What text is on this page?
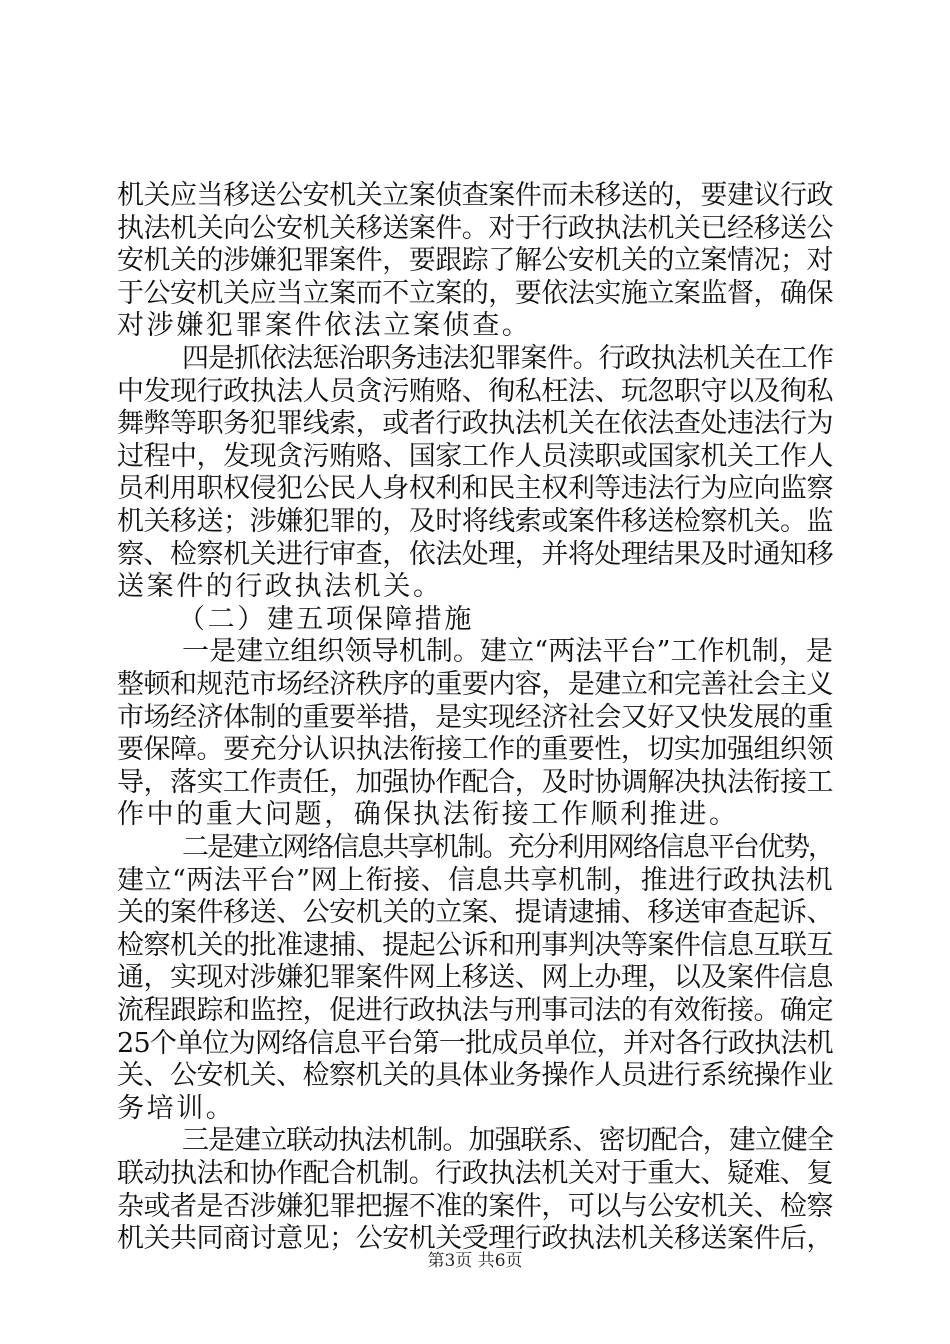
机关应当移送公安机关立案侦查案件而未移送的，要建议行政

执法机关向公安机关移送案件。对于行政执法机关已经移送公

安机关的涉嫌犯罪案件，要跟踪了解公安机关的立案情况；对

于公安机关应当立案而不立案的，要依法实施立案监督，确保

对涉嫌犯罪案件依法立案侦查。

四是抓依法惩治职务违法犯罪案件。行政执法机关在工作

中发现行政执法人员贪污贿赂、徇私枉法、玩忽职守以及徇私

舞弊等职务犯罪线索，或者行政执法机关在依法查处违法行为

过程中，发现贪污贿赂、国家工作人员渎职或国家机关工作人

员利用职权侵犯公民人身权利和民主权利等违法行为应向监察

机关移送；涉嫌犯罪的，及时将线索或案件移送检察机关。监

察、检察机关进行审查，依法处理，并将处理结果及时通知移

送案件的行政执法机关。

（二）建五项保障措施

一是建立组织领导机制。建立“两法平台”工作机制，是

整顿和规范市场经济秩序的重要内容，是建立和完善社会主义

市场经济体制的重要举措，是实现经济社会又好又快发展的重

要保障。要充分认识执法衔接工作的重要性，切实加强组织领

导，落实工作责任，加强协作配合，及时协调解决执法衔接工

作中的重大问题，确保执法衔接工作顺利推进。

二是建立网络信息共享机制。充分利用网络信息平台优势，

建立“两法平台”网上衔接、信息共享机制，推进行政执法机

关的案件移送、公安机关的立案、提请逮捕、移送审查起诉、

检察机关的批准逮捕、提起公诉和刑事判决等案件信息互联互

通，实现对涉嫌犯罪案件网上移送、网上办理，以及案件信息

流程跟踪和监控，促进行政执法与刑事司法的有效衔接。确定

25个单位为网络信息平台第一批成员单位，并对各行政执法机

关、公安机关、检察机关的具体业务操作人员进行系统操作业

务培训。

三是建立联动执法机制。加强联系、密切配合，建立健全

联动执法和协作配合机制。行政执法机关对于重大、疑难、复

杂或者是否涉嫌犯罪把握不准的案件，可以与公安机关、检察

机关共同商讨意见；公安机关受理行政执法机关移送案件后，

第3页 共6页
